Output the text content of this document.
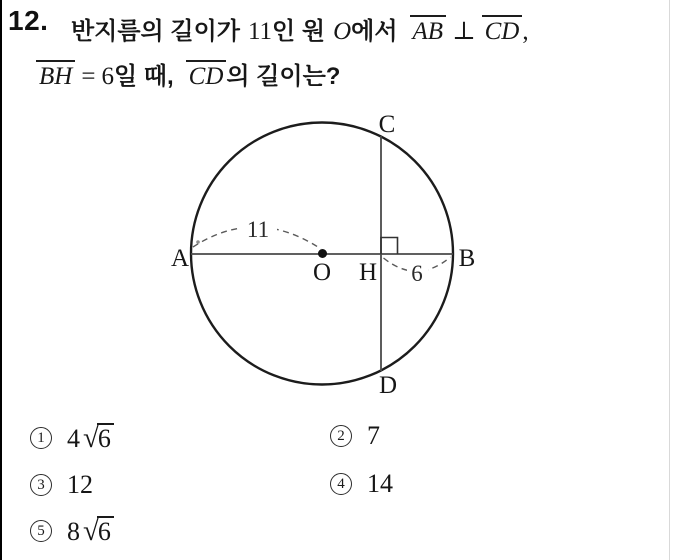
12. 반지름의 길이가 11 인 원 O 에서 AB ⊥ CD ,
BH = 6 일 때, CD 의 길이는?
11
6
A	B
C
D
O H
1 4 √ 6	2 7
3 12	4 14
5 8 √ 6
